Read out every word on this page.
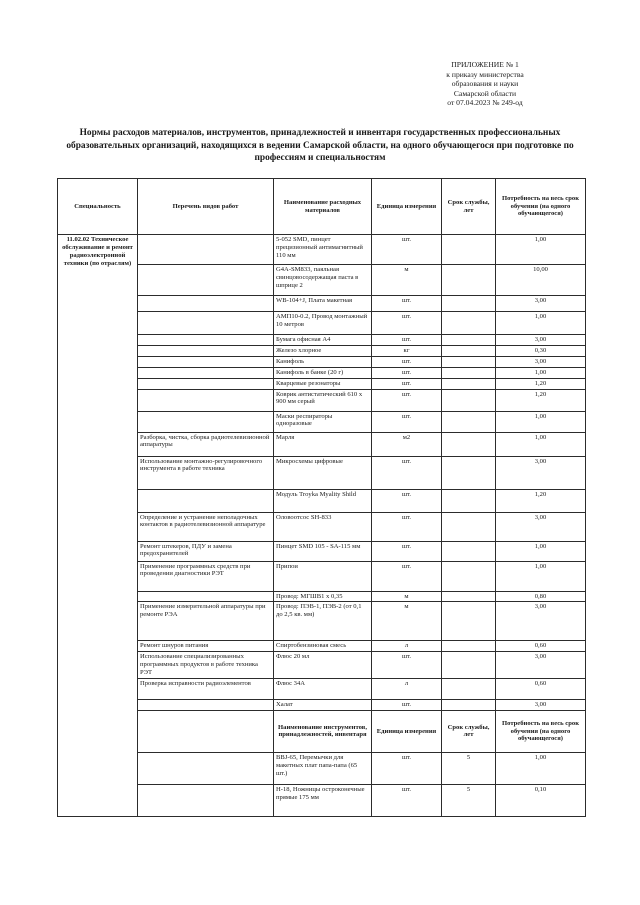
ПРИЛОЖЕНИЕ № 1
к приказу министерства
образования и науки
Самарской области
от 07.04.2023 № 249-од
Нормы расходов материалов, инструментов, принадлежностей и инвентаря государственных профессиональных образовательных организаций, находящихся в ведении Самарской области, на одного обучающегося при подготовке по профессиям и специальностям
Специальность	Перечень видов работ	Наименование расходных материалов	Единица измерения	Срок службы, лет	Потребность на весь срок обучения (на одного обучающегося)
11.02.02 Техническое обслуживание и ремонт радиоэлектронной техники (по отраслям)		5-052 SMD, пинцет прецизионный антимагнитный 110 мм	шт.		1,00
		G4A-SM833, паяльная свинцовосодержащая паста в шприце 2	м		10,00
		WB-104+J, Плата макетная	шт.		3,00
		АМП10-0.2, Провод монтажный 10 метров	шт.		1,00
		Бумага офисная А4	шт.		3,00
		Железо хлорное	кг		0,30
		Канифоль	шт.		3,00
		Канифоль в банке (20 г)	шт.		1,00
		Кварцевые резонаторы	шт.		1,20
		Коврик антистатический 610 х 900 мм серый	шт.		1,20
		Маски респираторы одноразовые	шт.		1,00
	Разборка, чистка, сборка радиотелевизионной аппаратуры	Марля	м2		1,00
	Использование монтажно-регулировочного инструмента в работе техника	Микросхемы цифровые	шт.		3,00
		Модуль Troyka Myality Shild	шт.		1,20
	Определение и устранение неполадочных контактов в радиотелевизионной аппаратуре	Оловоотсос SH-833	шт.		3,00
	Ремонт штекеров, ПДУ и замена предохранителей	Пинцет SMD 105 - SA-115 мм	шт.		1,00
	Применение программных средств при проведении диагностики РЭТ	Припои	шт.		1,00
		Провод: МГШВ1 х 0,35	м		0,80
	Применение измерительной аппаратуры при ремонте РЭА	Провод: ПЭВ-1, ПЭВ-2 (от 0,1 до 2,5 кв. мм)	м		3,00
	Ремонт шнуров питания	Спиртобензиновая смесь	л		0,60
	Использование специализированных программных продуктов в работе техника РЭТ	Флюс 20 мл	шт.		3,00
	Проверка исправности радиоэлементов	Флюс 34А	л		0,60
		Халат	шт.		3,00
		Наименование инструментов, принадлежностей, инвентаря	Единица измерения	Срок службы, лет	Потребность на весь срок обучения (на одного обучающегося)
		ВВJ-65, Перемычки для макетных плат папа-папа (65 шт.)	шт.	5	1,00
		Н-18, Ножницы остроконечные прямые 175 мм	шт.	5	0,10
